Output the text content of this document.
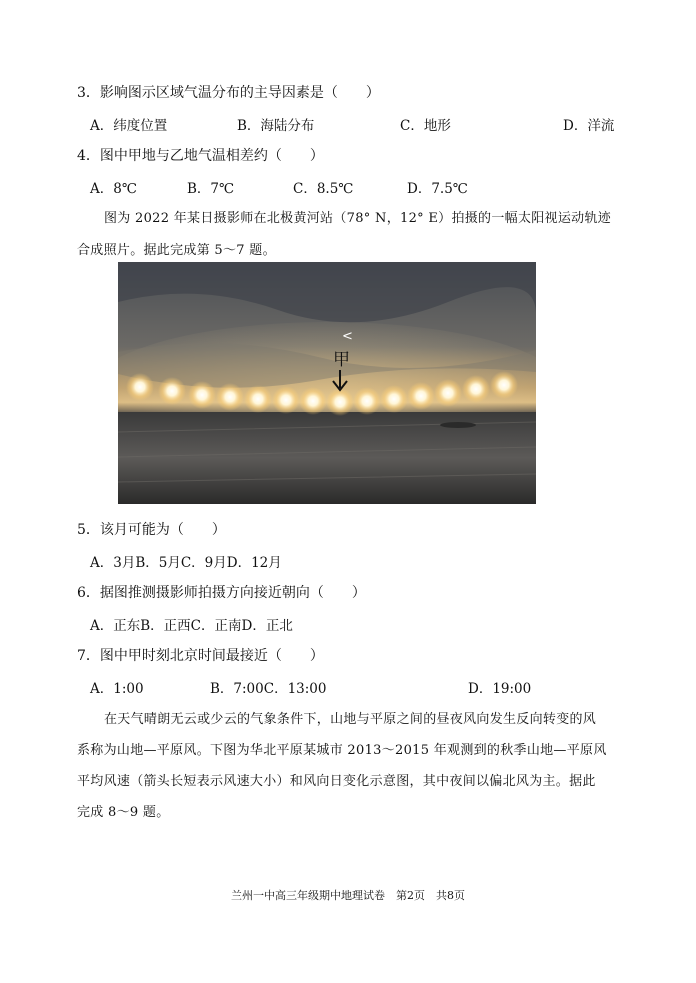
3．影响图示区域气温分布的主导因素是（　　）
A．纬度位置	B．海陆分布	C．地形	D．洋流
4．图中甲地与乙地气温相差约（　　）
A．8℃	B．7℃	C．8.5℃	D．7.5℃
图为 2022 年某日摄影师在北极黄河站（78° N，12° E）拍摄的一幅太阳视运动轨迹
合成照片。据此完成第 5～7 题。
<
甲
5．该月可能为（　　）
A．3月B．5月C．9月D．12月
6．据图推测摄影师拍摄方向接近朝向（　　）
A．正东B．正西C．正南D．正北
7．图中甲时刻北京时间最接近（　　）
A．1:00	B．7:00C．13:00	D．19:00
在天气晴朗无云或少云的气象条件下，山地与平原之间的昼夜风向发生反向转变的风
系称为山地—平原风。下图为华北平原某城市 2013～2015 年观测到的秋季山地—平原风
平均风速（箭头长短表示风速大小）和风向日变化示意图，其中夜间以偏北风为主。据此
完成 8～9 题。
兰州一中高三年级期中地理试卷　第2页　共8页
